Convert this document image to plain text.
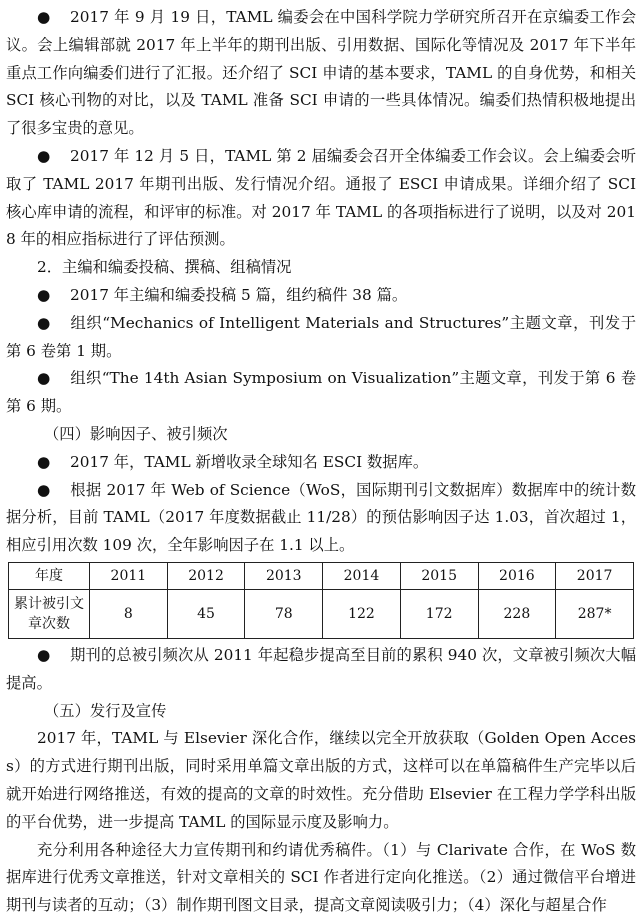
● 2017 年 9 月 19 日，TAML 编委会在中国科学院力学研究所召开在京编委工作会议。会上编辑部就 2017 年上半年的期刊出版、引用数据、国际化等情况及 2017 年下半年重点工作向编委们进行了汇报。还介绍了 SCI 申请的基本要求，TAML 的自身优势，和相关 SCI 核心刊物的对比，以及 TAML 准备 SCI 申请的一些具体情况。编委们热情积极地提出了很多宝贵的意见。

● 2017 年 12 月 5 日，TAML 第 2 届编委会召开全体编委工作会议。会上编委会听取了 TAML 2017 年期刊出版、发行情况介绍。通报了 ESCI 申请成果。详细介绍了 SCI 核心库申请的流程，和评审的标准。对 2017 年 TAML 的各项指标进行了说明，以及对 2018 年的相应指标进行了评估预测。

2．主编和编委投稿、撰稿、组稿情况

● 2017 年主编和编委投稿 5 篇，组约稿件 38 篇。

● 组织“Mechanics of Intelligent Materials and Structures”主题文章，刊发于第 6 卷第 1 期。

● 组织“The 14th Asian Symposium on Visualization”主题文章，刊发于第 6 卷第 6 期。

（四）影响因子、被引频次

● 2017 年，TAML 新增收录全球知名 ESCI 数据库。

● 根据 2017 年 Web of Science（WoS，国际期刊引文数据库）数据库中的统计数据分析，目前 TAML（2017 年度数据截止 11/28）的预估影响因子达 1.03，首次超过 1，相应引用次数 109 次，全年影响因子在 1.1 以上。

年度	2011	2012	2013	2014	2015	2016	2017
累计被引文章次数	8	45	78	122	172	228	287*

● 期刊的总被引频次从 2011 年起稳步提高至目前的累积 940 次，文章被引频次大幅提高。

（五）发行及宣传

2017 年，TAML 与 Elsevier 深化合作，继续以完全开放获取（Golden Open Access）的方式进行期刊出版，同时采用单篇文章出版的方式，这样可以在单篇稿件生产完毕以后就开始进行网络推送，有效的提高的文章的时效性。充分借助 Elsevier 在工程力学学科出版的平台优势，进一步提高 TAML 的国际显示度及影响力。

充分利用各种途径大力宣传期刊和约请优秀稿件。（1）与 Clarivate 合作，在 WoS 数据库进行优秀文章推送，针对文章相关的 SCI 作者进行定向化推送。（2）通过微信平台增进期刊与读者的互动；（3）制作期刊图文目录，提高文章阅读吸引力；（4）深化与超星合作
